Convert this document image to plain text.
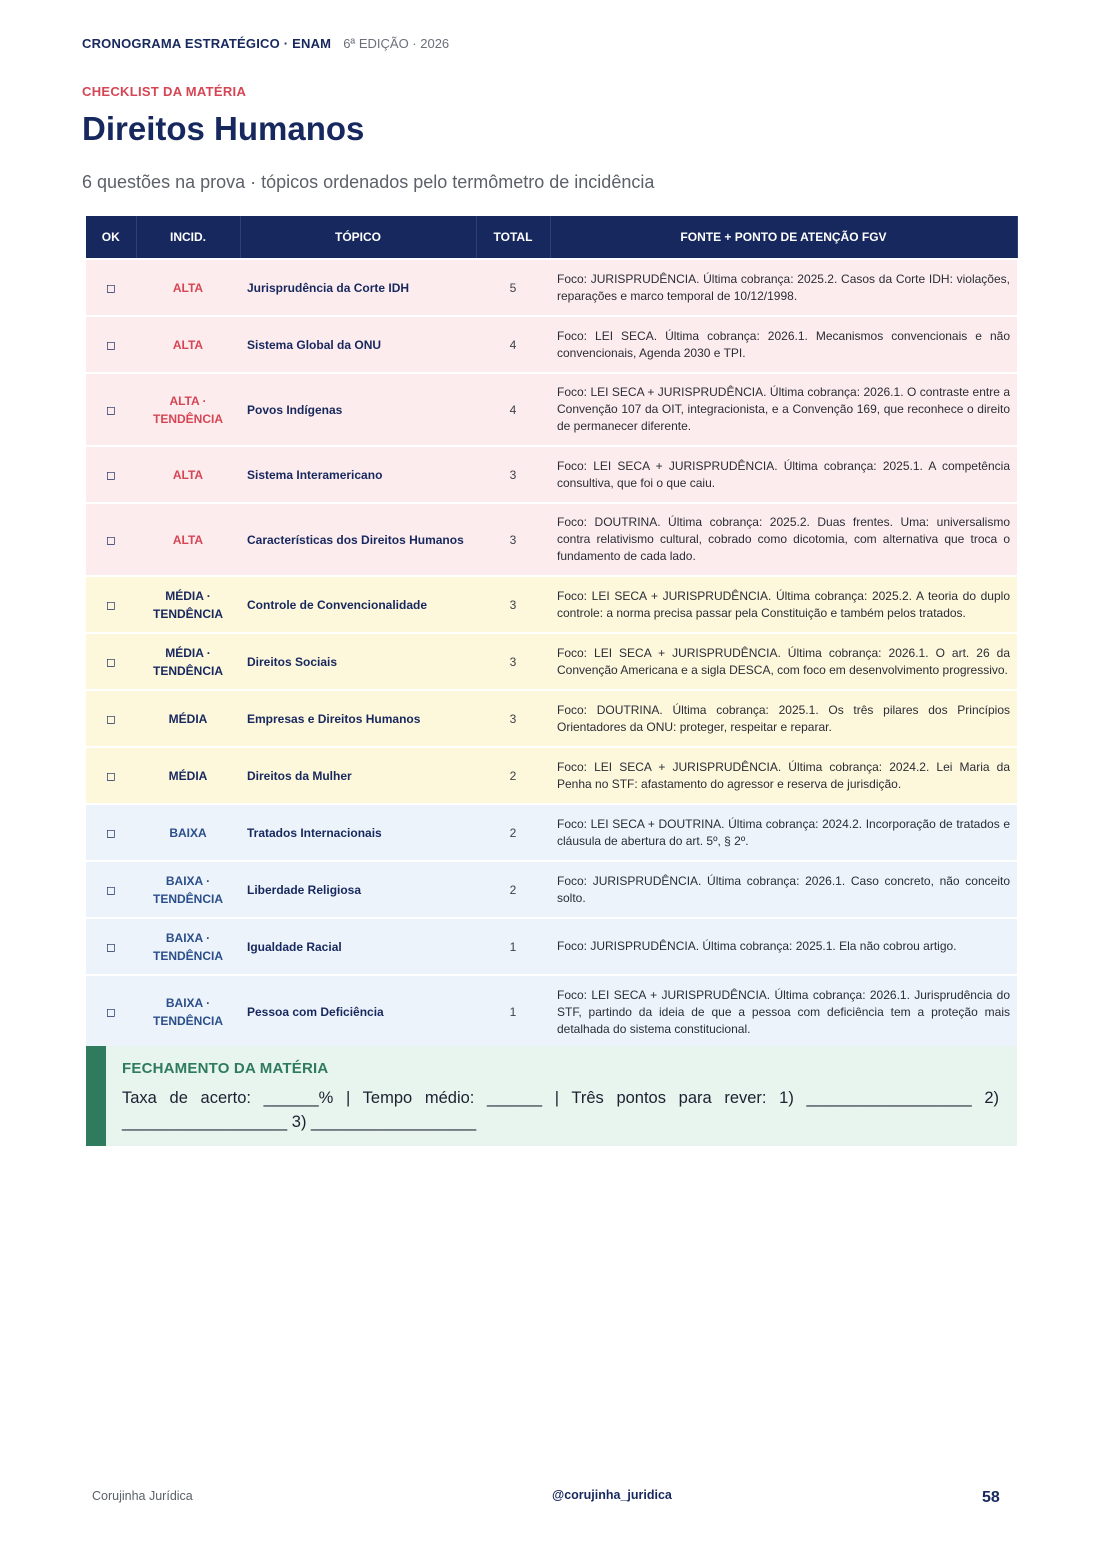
CRONOGRAMA ESTRATÉGICO · ENAM 6ª EDIÇÃO · 2026
CHECKLIST DA MATÉRIA
Direitos Humanos
6 questões na prova · tópicos ordenados pelo termômetro de incidência
OK	INCID.	TÓPICO	TOTAL	FONTE + PONTO DE ATENÇÃO FGV
◻	ALTA	Jurisprudência da Corte IDH	5	Foco: JURISPRUDÊNCIA. Última cobrança: 2025.2. Casos da Corte IDH: violações, reparações e marco temporal de 10/12/1998.
◻	ALTA	Sistema Global da ONU	4	Foco: LEI SECA. Última cobrança: 2026.1. Mecanismos convencionais e não convencionais, Agenda 2030 e TPI.
◻	ALTA · TENDÊNCIA	Povos Indígenas	4	Foco: LEI SECA + JURISPRUDÊNCIA. Última cobrança: 2026.1. O contraste entre a Convenção 107 da OIT, integracionista, e a Convenção 169, que reconhece o direito de permanecer diferente.
◻	ALTA	Sistema Interamericano	3	Foco: LEI SECA + JURISPRUDÊNCIA. Última cobrança: 2025.1. A competência consultiva, que foi o que caiu.
◻	ALTA	Características dos Direitos Humanos	3	Foco: DOUTRINA. Última cobrança: 2025.2. Duas frentes. Uma: universalismo contra relativismo cultural, cobrado como dicotomia, com alternativa que troca o fundamento de cada lado.
◻	MÉDIA · TENDÊNCIA	Controle de Convencionalidade	3	Foco: LEI SECA + JURISPRUDÊNCIA. Última cobrança: 2025.2. A teoria do duplo controle: a norma precisa passar pela Constituição e também pelos tratados.
◻	MÉDIA · TENDÊNCIA	Direitos Sociais	3	Foco: LEI SECA + JURISPRUDÊNCIA. Última cobrança: 2026.1. O art. 26 da Convenção Americana e a sigla DESCA, com foco em desenvolvimento progressivo.
◻	MÉDIA	Empresas e Direitos Humanos	3	Foco: DOUTRINA. Última cobrança: 2025.1. Os três pilares dos Princípios Orientadores da ONU: proteger, respeitar e reparar.
◻	MÉDIA	Direitos da Mulher	2	Foco: LEI SECA + JURISPRUDÊNCIA. Última cobrança: 2024.2. Lei Maria da Penha no STF: afastamento do agressor e reserva de jurisdição.
◻	BAIXA	Tratados Internacionais	2	Foco: LEI SECA + DOUTRINA. Última cobrança: 2024.2. Incorporação de tratados e cláusula de abertura do art. 5º, § 2º.
◻	BAIXA · TENDÊNCIA	Liberdade Religiosa	2	Foco: JURISPRUDÊNCIA. Última cobrança: 2026.1. Caso concreto, não conceito solto.
◻	BAIXA · TENDÊNCIA	Igualdade Racial	1	Foco: JURISPRUDÊNCIA. Última cobrança: 2025.1. Ela não cobrou artigo.
◻	BAIXA · TENDÊNCIA	Pessoa com Deficiência	1	Foco: LEI SECA + JURISPRUDÊNCIA. Última cobrança: 2026.1. Jurisprudência do STF, partindo da ideia de que a pessoa com deficiência tem a proteção mais detalhada do sistema constitucional.
FECHAMENTO DA MATÉRIA
Taxa de acerto: ______% | Tempo médio: ______ | Três pontos para rever: 1) __________________ 2) __________________ 3) __________________
Corujinha Jurídica	@corujinha_juridica	58
